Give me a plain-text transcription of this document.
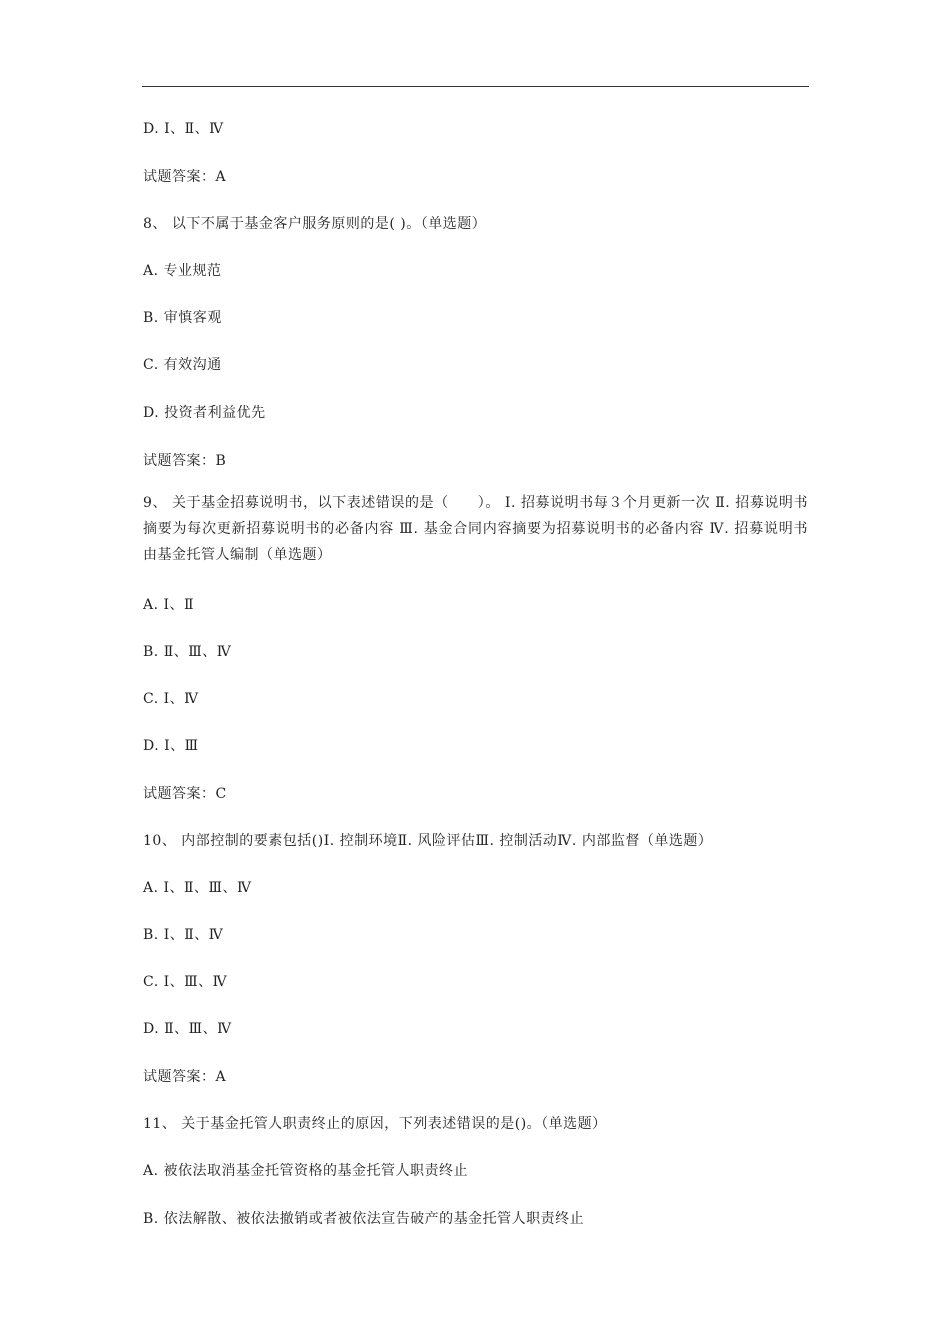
D. Ⅰ、Ⅱ、Ⅳ
试题答案：A
8、 以下不属于基金客户服务原则的是( )。（单选题）
A. 专业规范
B. 审慎客观
C. 有效沟通
D. 投资者利益优先
试题答案：B
9、 关于基金招募说明书，以下表述错误的是（　　）。 Ⅰ. 招募说明书每３个月更新一次 Ⅱ. 招募说明书摘要为每次更新招募说明书的必备内容 Ⅲ. 基金合同内容摘要为招募说明书的必备内容 Ⅳ. 招募说明书由基金托管人编制（单选题）
A. Ⅰ、Ⅱ
B. Ⅱ、Ⅲ、Ⅳ
C. Ⅰ、Ⅳ
D. Ⅰ、Ⅲ
试题答案：C
10、 内部控制的要素包括()Ⅰ. 控制环境Ⅱ. 风险评估Ⅲ. 控制活动Ⅳ. 内部监督（单选题）
A. Ⅰ、Ⅱ、Ⅲ、Ⅳ
B. Ⅰ、Ⅱ、Ⅳ
C. Ⅰ、Ⅲ、Ⅳ
D. Ⅱ、Ⅲ、Ⅳ
试题答案：A
11、 关于基金托管人职责终止的原因，下列表述错误的是()。（单选题）
A. 被依法取消基金托管资格的基金托管人职责终止
B. 依法解散、被依法撤销或者被依法宣告破产的基金托管人职责终止
